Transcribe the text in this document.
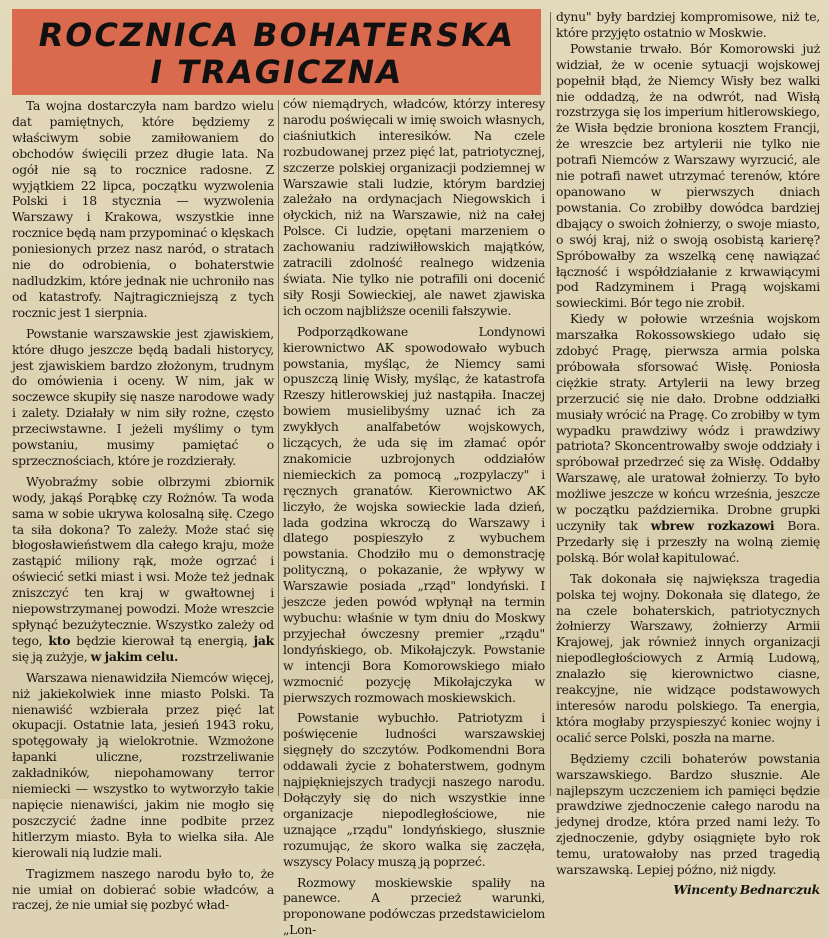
ROCZNICA BOHATERSKA
I TRAGICZNA

Ta wojna dostarczyła nam bardzo wielu dat pamiętnych, które będziemy z właściwym sobie zamiłowaniem do obchodów święcili przez długie lata. Na ogół nie są to rocznice radosne. Z wyjątkiem 22 lipca, początku wyzwolenia Polski i 18 stycznia — wyzwolenia Warszawy i Krakowa, wszystkie inne rocznice będą nam przypominać o klęskach poniesionych przez nasz naród, o stratach nie do odrobienia, o bohaterstwie nadludzkim, które jednak nie uchroniło nas od katastrofy. Najtragiczniejszą z tych rocznic jest 1 sierpnia.

Powstanie warszawskie jest zjawiskiem, które długo jeszcze będą badali historycy, jest zjawiskiem bardzo złożonym, trudnym do omówienia i oceny. W nim, jak w soczewce skupiły się nasze narodowe wady i zalety. Działały w nim siły rożne, często przeciwstawne. I jeżeli myślimy o tym powstaniu, musimy pamiętać o sprzecznościach, które je rozdzierały.

Wyobraźmy sobie olbrzymi zbiornik wody, jakąś Porąbkę czy Rożnów. Ta woda sama w sobie ukrywa kolosalną siłę. Czego ta siła dokona? To zależy. Może stać się błogosławieństwem dla całego kraju, może zastąpić miliony rąk, może ogrzać i oświecić setki miast i wsi. Może też jednak zniszczyć ten kraj w gwałtownej i niepowstrzymanej powodzi. Może wreszcie spłynąć bezużytecznie. Wszystko zależy od tego, kto będzie kierował tą energią, jak się ją zużyje, w jakim celu.

Warszawa nienawidziła Niemców więcej, niż jakiekolwiek inne miasto Polski. Ta nienawiść wzbierała przez pięć lat okupacji. Ostatnie lata, jesień 1943 roku, spotęgowały ją wielokrotnie. Wzmożone łapanki uliczne, rozstrzeliwanie zakładników, niepohamowany terror niemiecki — wszystko to wytworzyło takie napięcie nienawiści, jakim nie mogło się poszczycić żadne inne podbite przez hitlerzym miasto. Była to wielka siła. Ale kierowali nią ludzie mali.

Tragizmem naszego narodu było to, że nie umiał on dobierać sobie władców, a raczej, że nie umiał się pozbyć wład-

ców niemądrych, władców, którzy interesy narodu poświęcali w imię swoich własnych, ciaśniutkich interesików. Na czele rozbudowanej przez pięć lat, patriotycznej, szczerze polskiej organizacji podziemnej w Warszawie stali ludzie, którym bardziej zależało na ordynacjach Niegowskich i ołyckich, niż na Warszawie, niż na całej Polsce. Ci ludzie, opętani marzeniem o zachowaniu radziwiłłowskich majątków, zatracili zdolność realnego widzenia świata. Nie tylko nie potrafili oni docenić siły Rosji Sowieckiej, ale nawet zjawiska ich oczom najbliższe ocenili fałszywie.

Podporządkowane Londynowi kierownictwo AK spowodowało wybuch powstania, myśląc, że Niemcy sami opuszczą linię Wisły, myśląc, że katastrofa Rzeszy hitlerowskiej już nastąpiła. Inaczej bowiem musielibyśmy uznać ich za zwykłych analfabetów wojskowych, liczących, że uda się im złamać opór znakomicie uzbrojonych oddziałów niemieckich za pomocą „rozpylaczy" i ręcznych granatów. Kierownictwo AK liczyło, że wojska sowieckie lada dzień, lada godzina wkroczą do Warszawy i dlatego pospieszyło z wybuchem powstania. Chodziło mu o demonstrację polityczną, o pokazanie, że wpływy w Warszawie posiada „rząd" londyński. I jeszcze jeden powód wpłynął na termin wybuchu: właśnie w tym dniu do Moskwy przyjechał ówczesny premier „rządu" londyńskiego, ob. Mikołajczyk. Powstanie w intencji Bora Komorowskiego miało wzmocnić pozycję Mikołajczyka w pierwszych rozmowach moskiewskich.

Powstanie wybuchło. Patriotyzm i poświęcenie ludności warszawskiej sięgnęły do szczytów. Podkomendni Bora oddawali życie z bohaterstwem, godnym najpiękniejszych tradycji naszego narodu. Dołączyły się do nich wszystkie inne organizacje niepodległościowe, nie uznające „rządu" londyńskiego, słusznie rozumując, że skoro walka się zaczęła, wszyscy Polacy muszą ją poprzeć.

Rozmowy moskiewskie spaliły na panewce. A przecież warunki, proponowane podówczas przedstawicielom „Lon-

dynu" były bardziej kompromisowe, niż te, które przyjęto ostatnio w Moskwie.

Powstanie trwało. Bór Komorowski już widział, że w ocenie sytuacji wojskowej popełnił błąd, że Niemcy Wisły bez walki nie oddadzą, że na odwrót, nad Wisłą rozstrzyga się los imperium hitlerowskiego, że Wisła będzie broniona kosztem Francji, że wreszcie bez artylerii nie tylko nie potrafi Niemców z Warszawy wyrzucić, ale nie potrafi nawet utrzymać terenów, które opanowano w pierwszych dniach powstania. Co zrobiłby dowódca bardziej dbający o swoich żołnierzy, o swoje miasto, o swój kraj, niż o swoją osobistą karierę? Spróbowałby za wszelką cenę nawiązać łączność i współdziałanie z krwawiącymi pod Radzyminem i Pragą wojskami sowieckimi. Bór tego nie zrobił.

Kiedy w połowie września wojskom marszałka Rokossowskiego udało się zdobyć Pragę, pierwsza armia polska próbowała sforsować Wisłę. Poniosła ciężkie straty. Artylerii na lewy brzeg przerzucić się nie dało. Drobne oddziałki musiały wrócić na Pragę. Co zrobiłby w tym wypadku prawdziwy wódz i prawdziwy patriota? Skoncentrowałby swoje oddziały i spróbował przedrzeć się za Wisłę. Oddałby Warszawę, ale uratował żołnierzy. To było możliwe jeszcze w końcu września, jeszcze w początku października. Drobne grupki uczyniły tak wbrew rozkazowi Bora. Przedarły się i przeszły na wolną ziemię polską. Bór wolał kapitulować.

Tak dokonała się największa tragedia polska tej wojny. Dokonała się dlatego, że na czele bohaterskich, patriotycznych żołnierzy Warszawy, żołnierzy Armii Krajowej, jak również innych organizacji niepodległościowych z Armią Ludową, znalazło się kierownictwo ciasne, reakcyjne, nie widzące podstawowych interesów narodu polskiego. Ta energia, która mogłaby przyspieszyć koniec wojny i ocalić serce Polski, poszła na marne.

Będziemy czcili bohaterów powstania warszawskiego. Bardzo słusznie. Ale najlepszym uczczeniem ich pamięci będzie prawdziwe zjednoczenie całego narodu na jedynej drodze, która przed nami leży. To zjednoczenie, gdyby osiągnięte było rok temu, uratowałoby nas przed tragedią warszawską. Lepiej późno, niż nigdy.

Wincenty Bednarczuk
